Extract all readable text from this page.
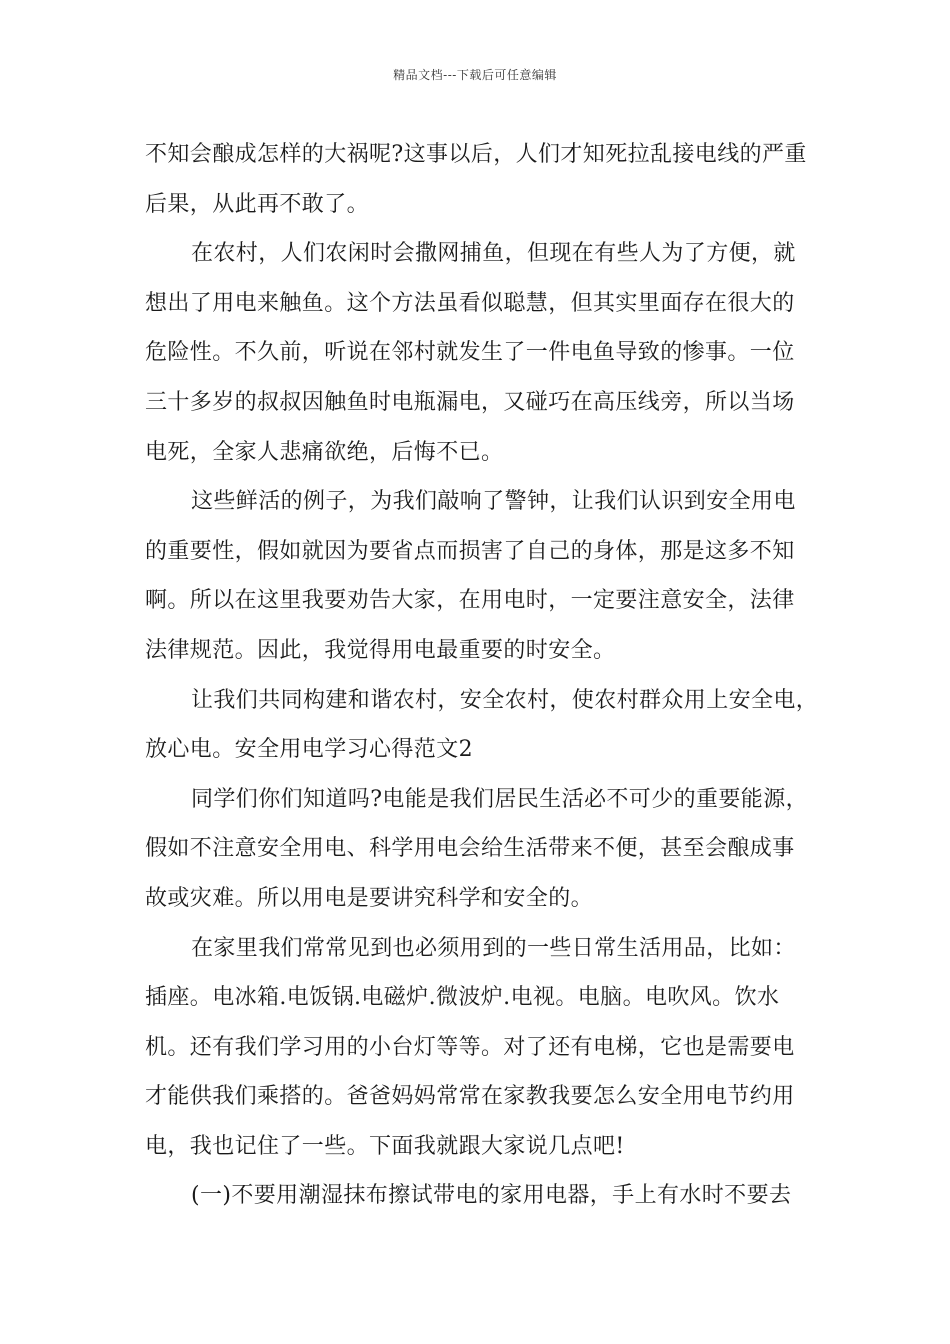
精品文档---下载后可任意编辑
不知会酿成怎样的大祸呢?这事以后，人们才知死拉乱接电线的严重
后果，从此再不敢了。
在农村，人们农闲时会撒网捕鱼，但现在有些人为了方便，就
想出了用电来触鱼。这个方法虽看似聪慧，但其实里面存在很大的
危险性。不久前，听说在邻村就发生了一件电鱼导致的惨事。一位
三十多岁的叔叔因触鱼时电瓶漏电，又碰巧在高压线旁，所以当场
电死，全家人悲痛欲绝，后悔不已。
这些鲜活的例子，为我们敲响了警钟，让我们认识到安全用电
的重要性，假如就因为要省点而损害了自己的身体，那是这多不知
啊。所以在这里我要劝告大家，在用电时，一定要注意安全，法律
法律规范。因此，我觉得用电最重要的时安全。
让我们共同构建和谐农村，安全农村，使农村群众用上安全电，
放心电。安全用电学习心得范文2
同学们你们知道吗?电能是我们居民生活必不可少的重要能源，
假如不注意安全用电、科学用电会给生活带来不便，甚至会酿成事
故或灾难。所以用电是要讲究科学和安全的。
在家里我们常常见到也必须用到的一些日常生活用品，比如：
插座。电冰箱.电饭锅.电磁炉.微波炉.电视。电脑。电吹风。饮水
机。还有我们学习用的小台灯等等。对了还有电梯，它也是需要电
才能供我们乘搭的。爸爸妈妈常常在家教我要怎么安全用电节约用
电，我也记住了一些。下面我就跟大家说几点吧!
(一)不要用潮湿抹布擦试带电的家用电器，手上有水时不要去
